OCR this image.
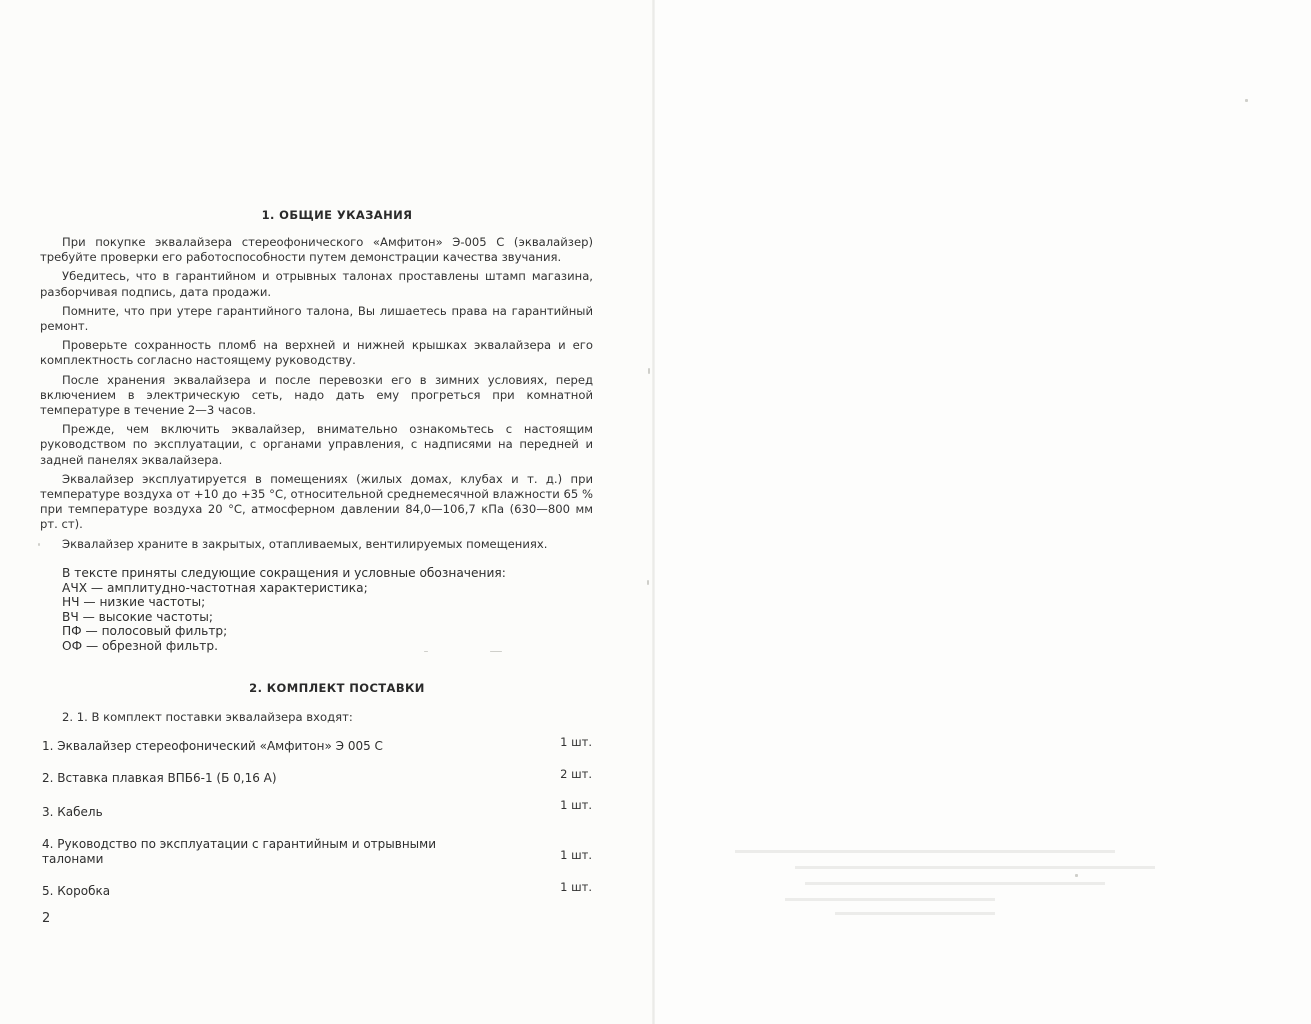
1. ОБЩИЕ УКАЗАНИЯ

При покупке эквалайзера стереофонического «Амфитон» Э-005 С (эквалайзер) требуйте проверки его работоспособности путем демонстрации качества звучания.

Убедитесь, что в гарантийном и отрывных талонах проставлены штамп магазина, разборчивая подпись, дата продажи.

Помните, что при утере гарантийного талона, Вы лишаетесь права на гарантийный ремонт.

Проверьте сохранность пломб на верхней и нижней крышках эквалайзера и его комплектность согласно настоящему руководству.

После хранения эквалайзера и после перевозки его в зимних условиях, перед включением в электрическую сеть, надо дать ему прогреться при комнатной температуре в течение 2—3 часов.

Прежде, чем включить эквалайзер, внимательно ознакомьтесь с настоящим руководством по эксплуатации, с органами управления, с надписями на передней и задней панелях эквалайзера.

Эквалайзер эксплуатируется в помещениях (жилых домах, клубах и т. д.) при температуре воздуха от +10 до +35 °С, относительной среднемесячной влажности 65 % при температуре воздуха 20 °С, атмосферном давлении 84,0—106,7 кПа (630—800 мм рт. ст).

Эквалайзер храните в закрытых, отапливаемых, вентилируемых помещениях.

В тексте приняты следующие сокращения и условные обозначения:
АЧХ — амплитудно-частотная характеристика;
НЧ — низкие частоты;
ВЧ — высокие частоты;
ПФ — полосовый фильтр;
ОФ — обрезной фильтр.
2. КОМПЛЕКТ ПОСТАВКИ
2. 1. В комплект поставки эквалайзера входят:
1. Эквалайзер стереофонический «Амфитон» Э 005 С	1 шт.
2. Вставка плавкая ВПБ6-1 (Б 0,16 А)	2 шт.
3. Кабель	1 шт.
4. Руководство по эксплуатации с гарантийным и отрывными талонами	1 шт.
5. Коробка	1 шт.
2
